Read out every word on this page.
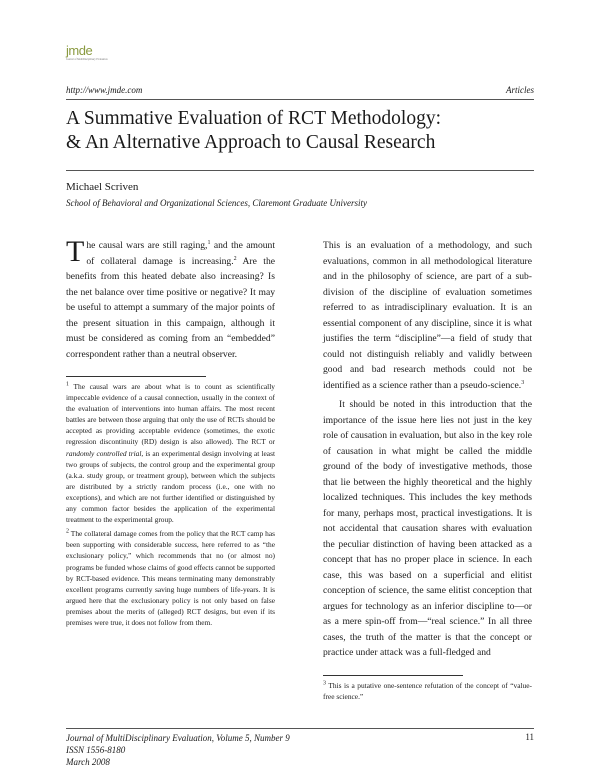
jmde
Journal of MultiDisciplinary Evaluation
http://www.jmde.com	Articles
A Summative Evaluation of RCT Methodology:
& An Alternative Approach to Causal Research
Michael Scriven
School of Behavioral and Organizational Sciences, Claremont Graduate University

The causal wars are still raging,$^1$ and the amount of collateral damage is increasing.$^2$ Are the benefits from this heated debate also increasing? Is the net balance over time positive or negative? It may be useful to attempt a summary of the major points of the present situation in this campaign, although it must be considered as coming from an “embedded” correspondent rather than a neutral observer.

$^1$ The causal wars are about what is to count as scientifically impeccable evidence of a causal connection, usually in the context of the evaluation of interventions into human affairs. The most recent battles are between those arguing that only the use of RCTs should be accepted as providing acceptable evidence (sometimes, the exotic regression discontinuity (RD) design is also allowed). The RCT or randomly controlled trial, is an experimental design involving at least two groups of subjects, the control group and the experimental group (a.k.a. study group, or treatment group), between which the subjects are distributed by a strictly random process (i.e., one with no exceptions), and which are not further identified or distinguished by any common factor besides the application of the experimental treatment to the experimental group.

$^2$ The collateral damage comes from the policy that the RCT camp has been supporting with considerable success, here referred to as “the exclusionary policy,” which recommends that no (or almost no) programs be funded whose claims of good effects cannot be supported by RCT-based evidence. This means terminating many demonstrably excellent programs currently saving huge numbers of life-years. It is argued here that the exclusionary policy is not only based on false premises about the merits of (alleged) RCT designs, but even if its premises were true, it does not follow from them.

This is an evaluation of a methodology, and such evaluations, common in all methodological literature and in the philosophy of science, are part of a sub-division of the discipline of evaluation sometimes referred to as intradisciplinary evaluation. It is an essential component of any discipline, since it is what justifies the term “discipline”—a field of study that could not distinguish reliably and validly between good and bad research methods could not be identified as a science rather than a pseudo-science.$^3$

It should be noted in this introduction that the importance of the issue here lies not just in the key role of causation in evaluation, but also in the key role of causation in what might be called the middle ground of the body of investigative methods, those that lie between the highly theoretical and the highly localized techniques. This includes the key methods for many, perhaps most, practical investigations. It is not accidental that causation shares with evaluation the peculiar distinction of having been attacked as a concept that has no proper place in science. In each case, this was based on a superficial and elitist conception of science, the same elitist conception that argues for technology as an inferior discipline to—or as a mere spin-off from—“real science.” In all three cases, the truth of the matter is that the concept or practice under attack was a full-fledged and

$^3$ This is a putative one-sentence refutation of the concept of “value-free science.”

Journal of MultiDisciplinary Evaluation, Volume 5, Number 9
ISSN 1556-8180
March 2008
11
